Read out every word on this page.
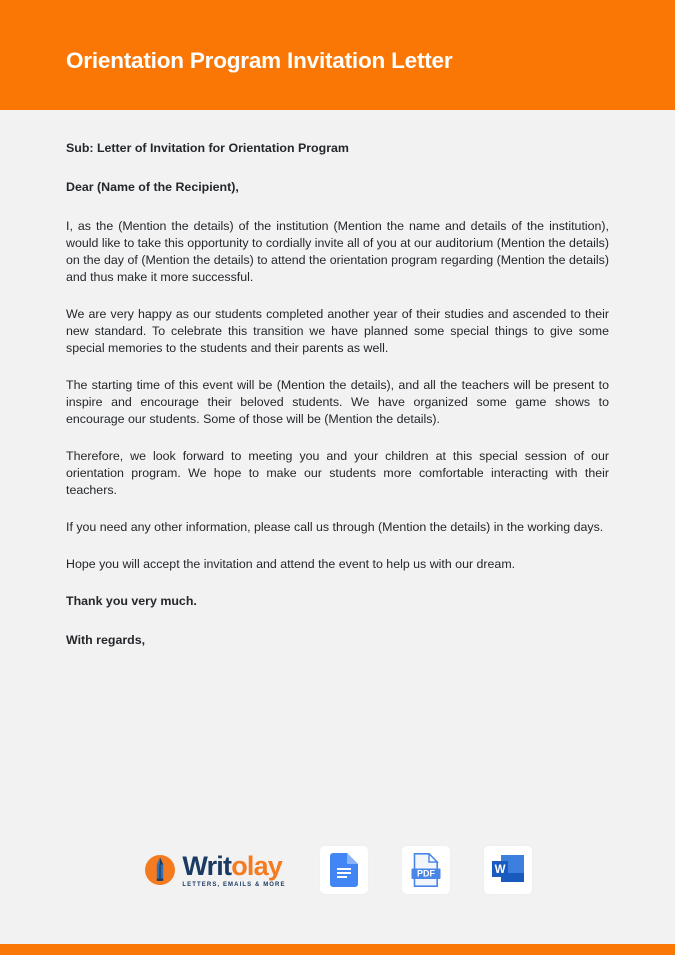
Orientation Program Invitation Letter

Sub: Letter of Invitation for Orientation Program

Dear (Name of the Recipient),

I, as the (Mention the details) of the institution (Mention the name and details of the institution), would like to take this opportunity to cordially invite all of you at our auditorium (Mention the details) on the day of (Mention the details) to attend the orientation program regarding (Mention the details) and thus make it more successful.

We are very happy as our students completed another year of their studies and ascended to their new standard. To celebrate this transition we have planned some special things to give some special memories to the students and their parents as well.

The starting time of this event will be (Mention the details), and all the teachers will be present to inspire and encourage their beloved students. We have organized some game shows to encourage our students. Some of those will be (Mention the details).

Therefore, we look forward to meeting you and your children at this special session of our orientation program. We hope to make our students more comfortable interacting with their teachers.

If you need any other information, please call us through (Mention the details) in the working days.

Hope you will accept the invitation and attend the event to help us with our dream.

Thank you very much.

With regards,

Writolay
LETTERS, EMAILS & MORE
PDF	W
